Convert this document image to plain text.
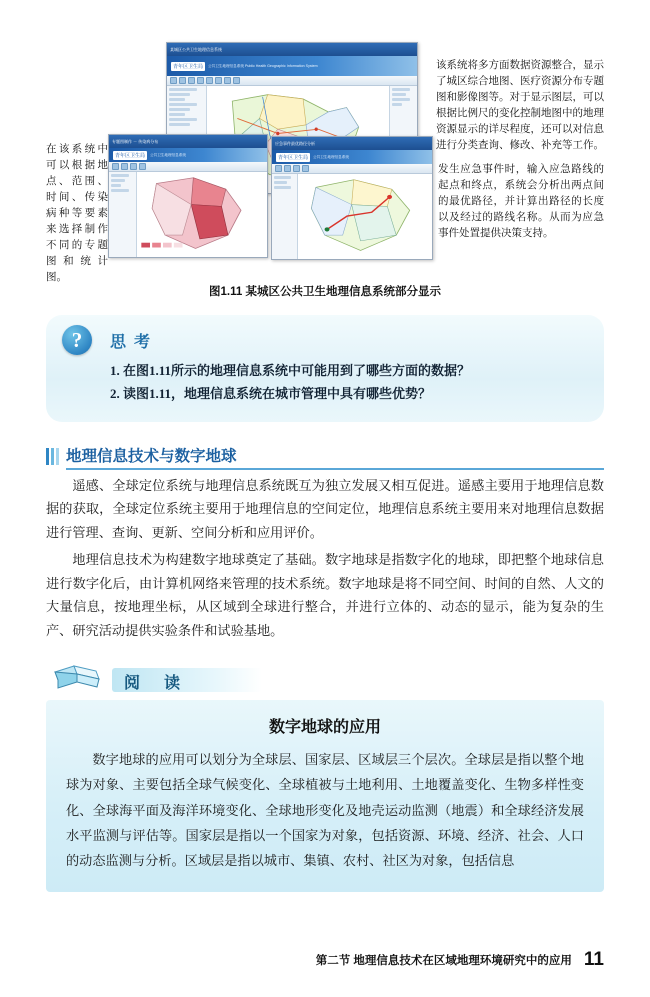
某城区公共卫生地理信息系统
青年区卫生局	公共卫生地理信息系统 Public Health Geographic Information System
专题图制作 － 传染病分布
青年区卫生局	公共卫生地理信息系统
应急事件最优路径分析
青年区卫生局	公共卫生地理信息系统
该系统将多方面数据资源整合，显示了城区综合地图、医疗资源分布专题图和影像图等。对于显示图层，可以根据比例尺的变化控制地图中的地理资源显示的详尽程度，还可以对信息进行分类查询、修改、补充等工作。
在该系统中可以根据地点、范围、时间、传染病种等要素来选择制作不同的专题图和统计图。
发生应急事件时，输入应急路线的起点和终点，系统会分析出两点间的最优路径，并计算出路径的长度以及经过的路线名称。从而为应急事件处置提供决策支持。
图1.11 某城区公共卫生地理信息系统部分显示
?	思 考
1. 在图1.11所示的地理信息系统中可能用到了哪些方面的数据？
2. 读图1.11，地理信息系统在城市管理中具有哪些优势？
地理信息技术与数字地球

遥感、全球定位系统与地理信息系统既互为独立发展又相互促进。遥感主要用于地理信息数据的获取，全球定位系统主要用于地理信息的空间定位，地理信息系统主要用来对地理信息数据进行管理、查询、更新、空间分析和应用评价。

地理信息技术为构建数字地球奠定了基础。数字地球是指数字化的地球，即把整个地球信息进行数字化后，由计算机网络来管理的技术系统。数字地球是将不同空间、时间的自然、人文的大量信息，按地理坐标，从区域到全球进行整合，并进行立体的、动态的显示，能为复杂的生产、研究活动提供实验条件和试验基地。

阅 读
数字地球的应用

数字地球的应用可以划分为全球层、国家层、区域层三个层次。全球层是指以整个地球为对象、主要包括全球气候变化、全球植被与土地利用、土地覆盖变化、生物多样性变化、全球海平面及海洋环境变化、全球地形变化及地壳运动监测（地震）和全球经济发展水平监测与评估等。国家层是指以一个国家为对象，包括资源、环境、经济、社会、人口的动态监测与分析。区域层是指以城市、集镇、农村、社区为对象，包括信息

第二节 地理信息技术在区域地理环境研究中的应用 11
